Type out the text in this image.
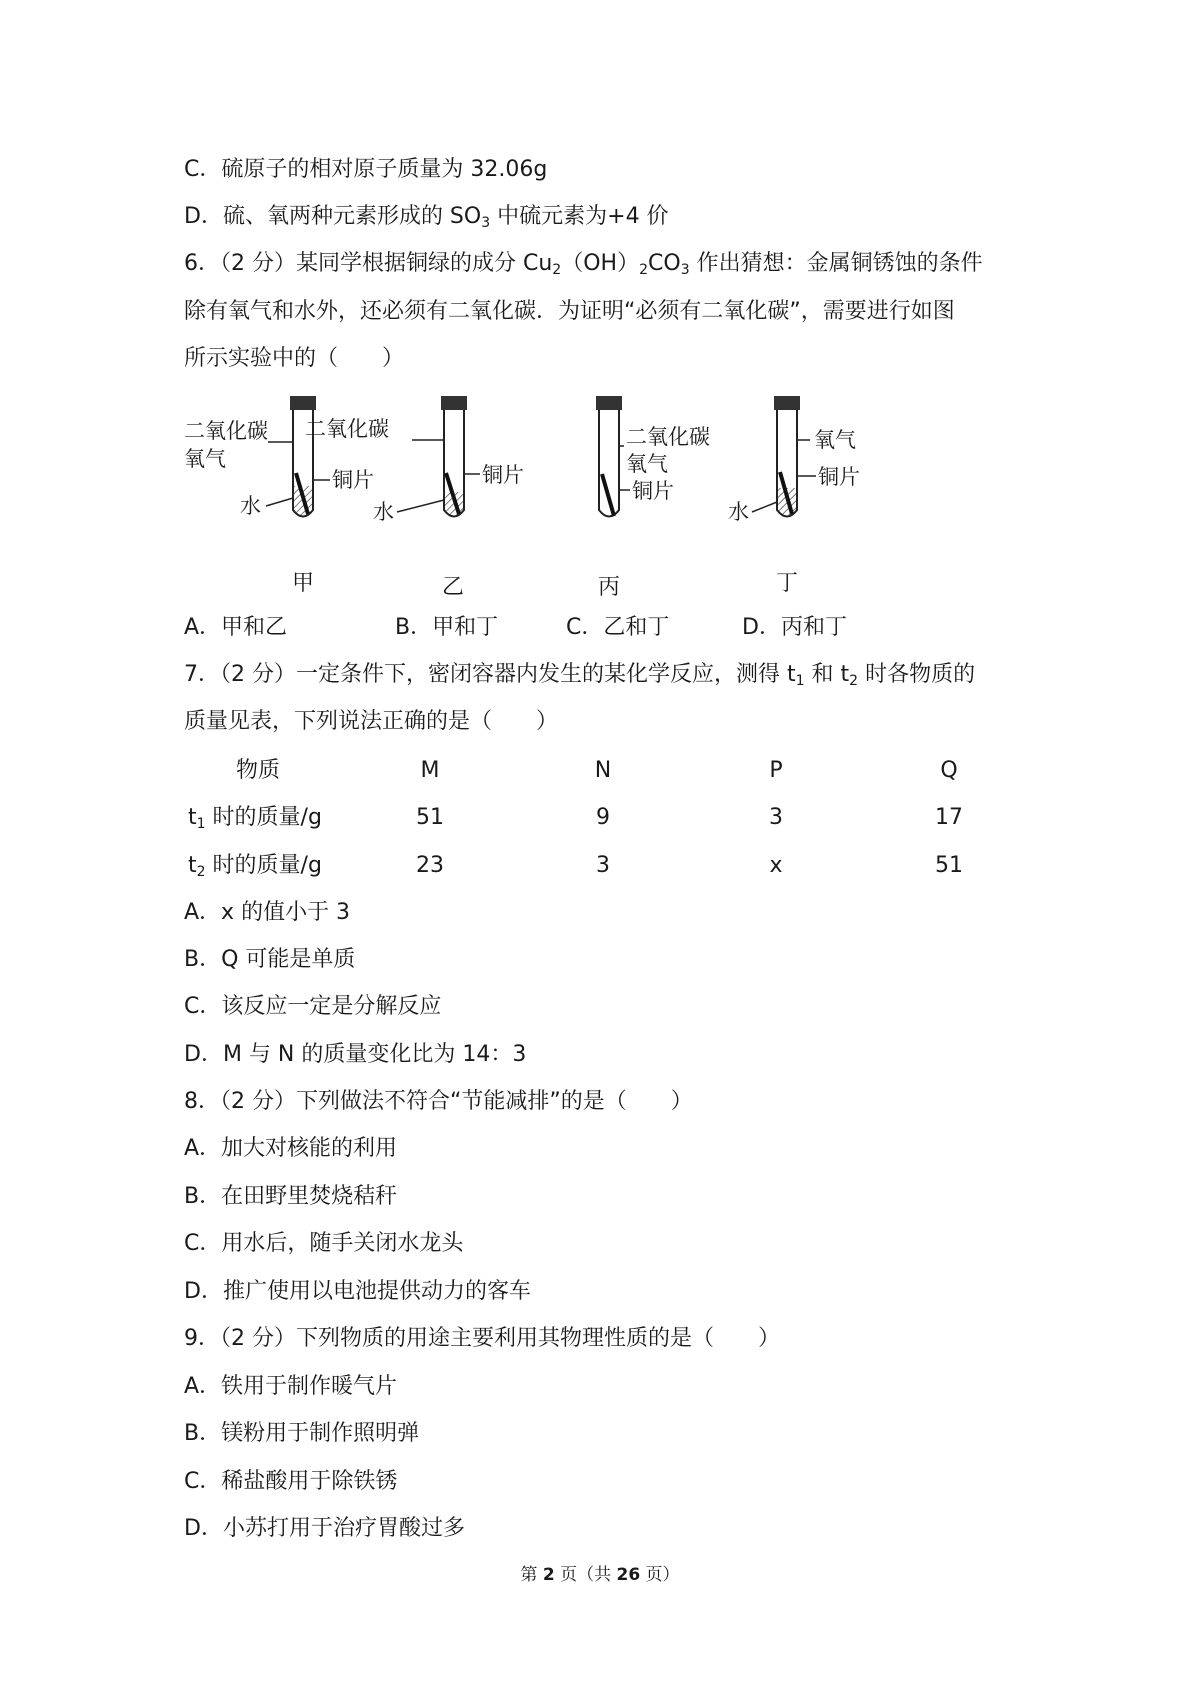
C．硫原子的相对原子质量为 32.06g
D．硫、氧两种元素形成的 $SO_3$ 中硫元素为+4 价
6．（2 分）某同学根据铜绿的成分 $Cu_2(OH)_2CO_3$ 作出猜想：金属铜锈蚀的条件
除有氧气和水外，还必须有二氧化碳．为证明“必须有二氧化碳”，需要进行如图
所示实验中的（　　）
二氧化碳
氧气
铜片
水
甲
二氧化碳
铜片
水
乙
二氧化碳
氧气
铜片
丙
氧气
铜片
水
丁
A．甲和乙	B．甲和丁	C．乙和丁	D．丙和丁
7．（2 分）一定条件下，密闭容器内发生的某化学反应，测得 $t_1$ 和 $t_2$ 时各物质的
质量见表，下列说法正确的是（　　）
物质	M	N	P	Q
$t_1$ 时的质量/g	51	9	3	17
$t_2$ 时的质量/g	23	3	x	51
A．x 的值小于 3
B．Q 可能是单质
C．该反应一定是分解反应
D．M 与 N 的质量变化比为 14：3
8．（2 分）下列做法不符合“节能减排”的是（　　）
A．加大对核能的利用
B．在田野里焚烧秸秆
C．用水后，随手关闭水龙头
D．推广使用以电池提供动力的客车
9．（2 分）下列物质的用途主要利用其物理性质的是（　　）
A．铁用于制作暖气片
B．镁粉用于制作照明弹
C．稀盐酸用于除铁锈
D．小苏打用于治疗胃酸过多
第 2 页（共 26 页）
